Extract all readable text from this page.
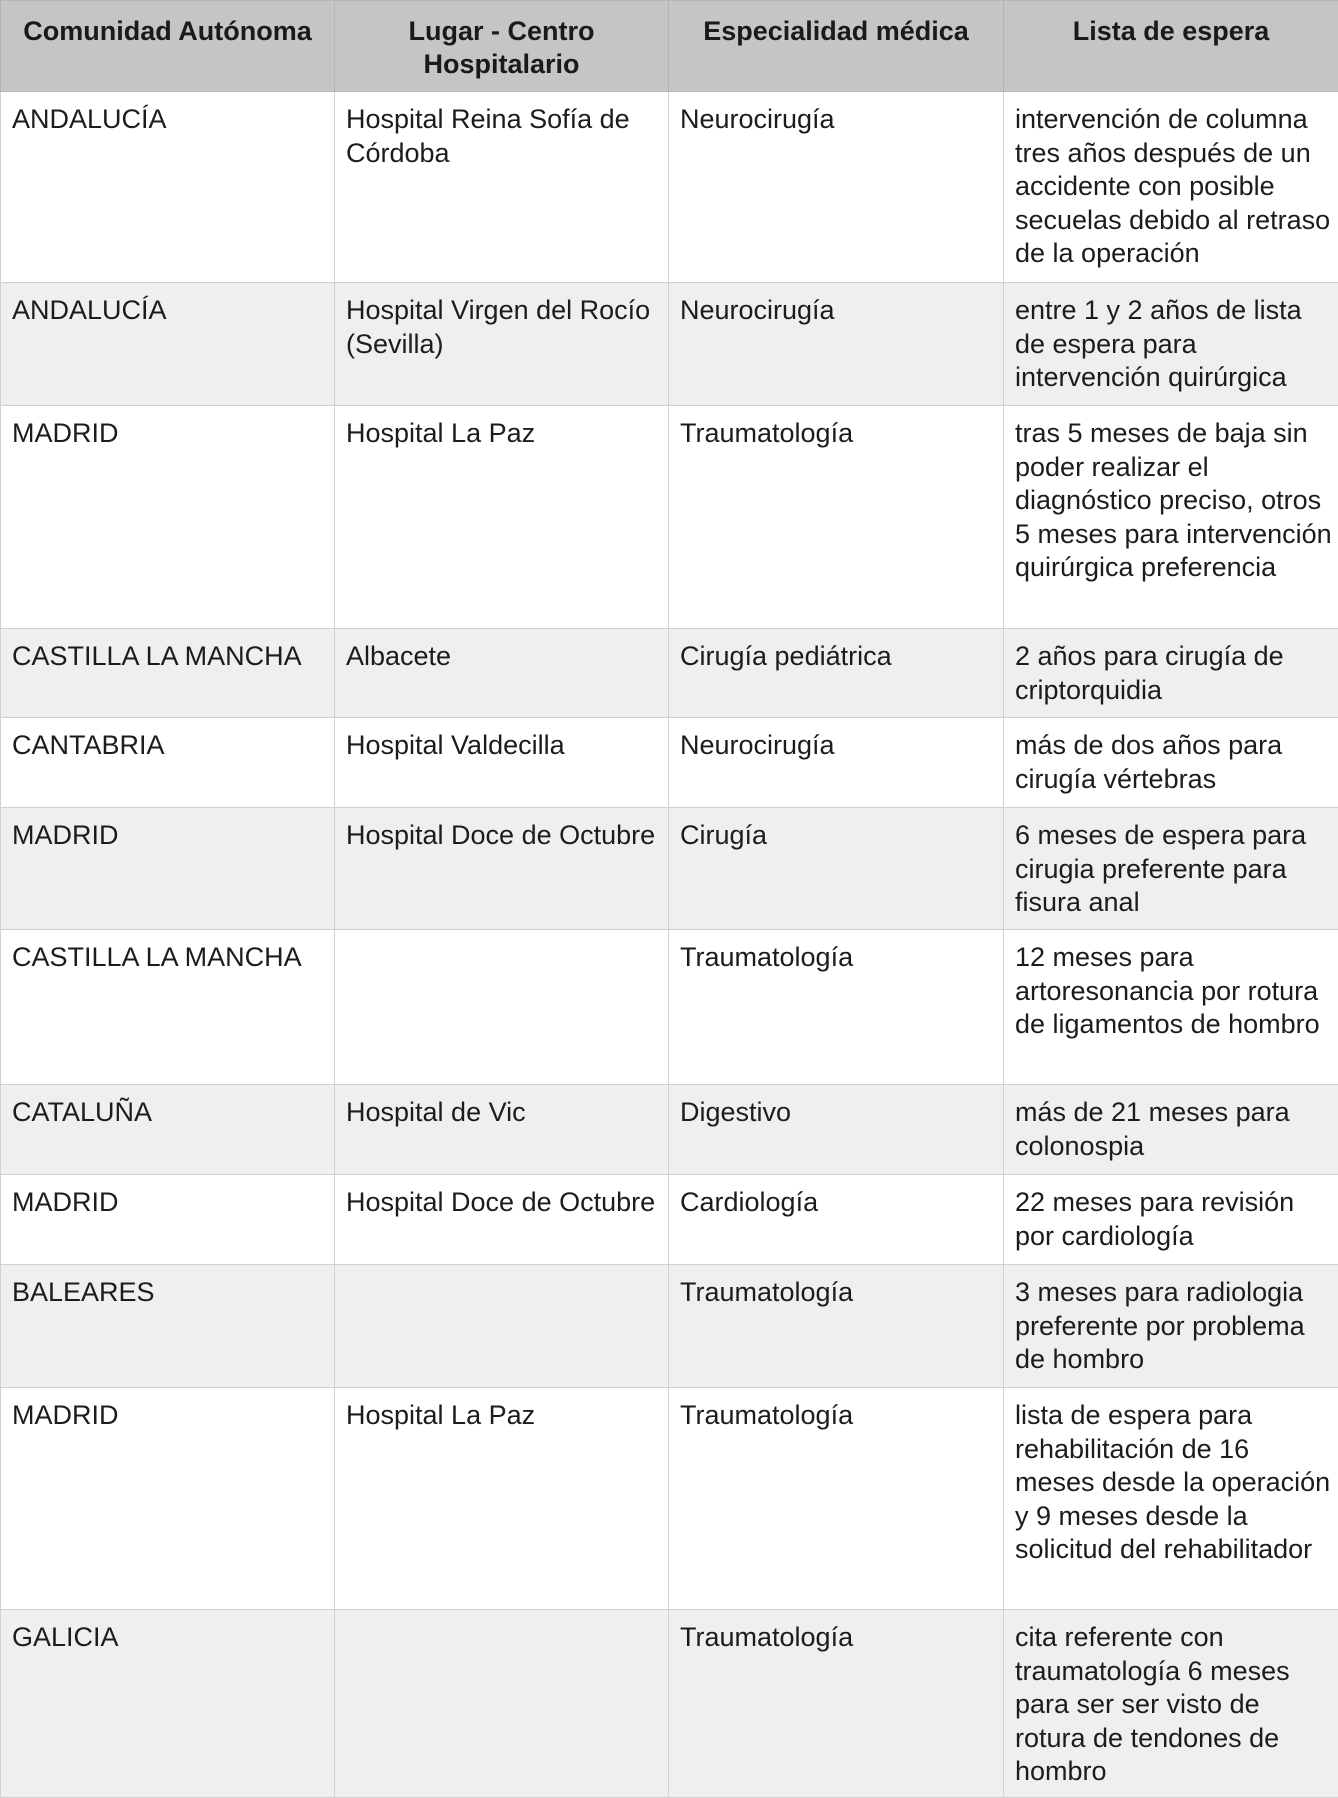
Comunidad Autónoma	Lugar - Centro Hospitalario	Especialidad médica	Lista de espera
ANDALUCÍA	Hospital Reina Sofía de Córdoba	Neurocirugía	intervención de columna tres años después de un accidente con posible secuelas debido al retraso de la operación
ANDALUCÍA	Hospital Virgen del Rocío (Sevilla)	Neurocirugía	entre 1 y 2 años de lista de espera para intervención quirúrgica
MADRID	Hospital La Paz	Traumatología	tras 5 meses de baja sin poder realizar el diagnóstico preciso, otros 5 meses para intervención quirúrgica preferencia
CASTILLA LA MANCHA	Albacete	Cirugía pediátrica	2 años para cirugía de criptorquidia
CANTABRIA	Hospital Valdecilla	Neurocirugía	más de dos años para cirugía vértebras
MADRID	Hospital Doce de Octubre	Cirugía	6 meses de espera para cirugia preferente para fisura anal
CASTILLA LA MANCHA		Traumatología	12 meses para artoresonancia por rotura de ligamentos de hombro
CATALUÑA	Hospital de Vic	Digestivo	más de 21 meses para colonospia
MADRID	Hospital Doce de Octubre	Cardiología	22 meses para revisión por cardiología
BALEARES		Traumatología	3 meses para radiologia preferente por problema de hombro
MADRID	Hospital La Paz	Traumatología	lista de espera para rehabilitación de 16 meses desde la operación y 9 meses desde la solicitud del rehabilitador
GALICIA		Traumatología	cita referente con traumatología 6 meses para ser ser visto de rotura de tendones de hombro
